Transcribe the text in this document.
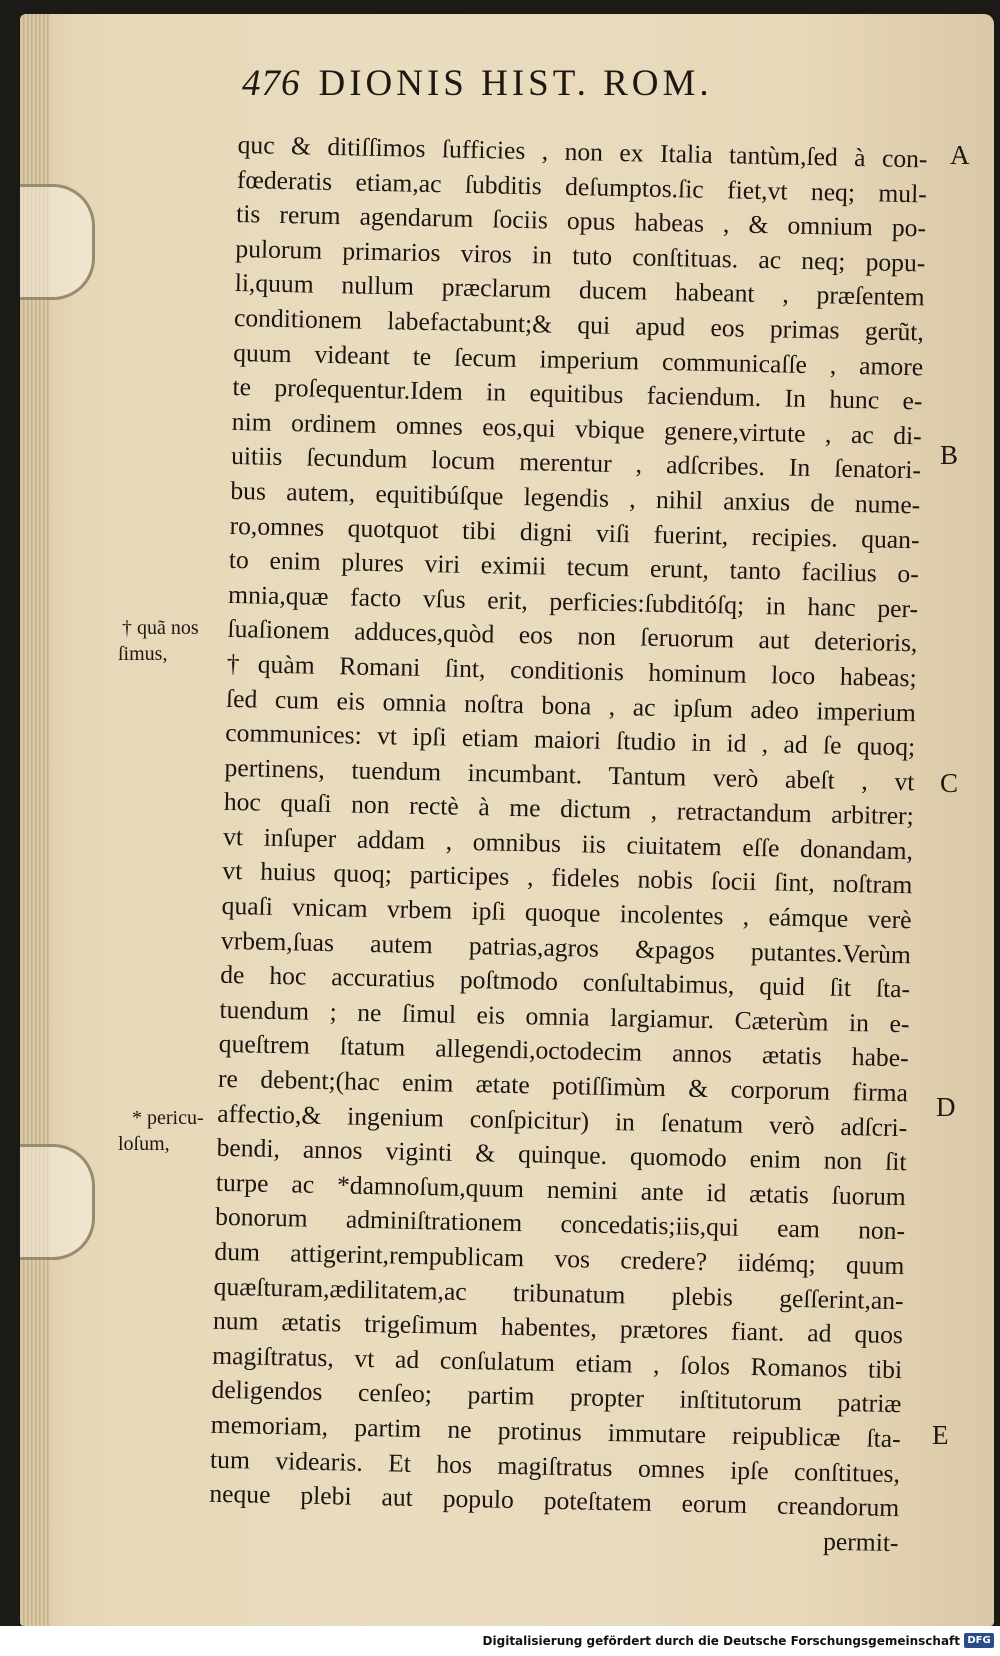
476 DIONIS HIST. ROM.
quc & ditiſſimos ſufficies , non ex Italia tantùm,ſed à con-
fœderatis etiam,ac ſubditis deſumptos.ſic fiet,vt neq; mul-
tis rerum agendarum ſociis opus habeas , & omnium po-
pulorum primarios viros in tuto conſtituas. ac neq; popu-
li,quum nullum præclarum ducem habeant , præſentem
conditionem labefactabunt;& qui apud eos primas gerũt,
quum videant te ſecum imperium communicaſſe , amore
te proſequentur.Idem in equitibus faciendum. In hunc e-
nim ordinem omnes eos,qui vbique genere,virtute , ac di-
uitiis ſecundum locum merentur , adſcribes. In ſenatori-
bus autem, equitibúſque legendis , nihil anxius de nume-
ro,omnes quotquot tibi digni viſi fuerint, recipies. quan-
to enim plures viri eximii tecum erunt, tanto facilius o-
mnia,quæ facto vſus erit, perficies:ſubditóſq; in hanc per-
ſuaſionem adduces,quòd eos non ſeruorum aut deterioris,
†quàm Romani ſint, conditionis hominum loco habeas;
ſed cum eis omnia noſtra bona , ac ipſum adeo imperium
communices: vt ipſi etiam maiori ſtudio in id , ad ſe quoq;
pertinens, tuendum incumbant. Tantum verò abeſt , vt
hoc quaſi non rectè à me dictum , retractandum arbitrer;
vt inſuper addam , omnibus iis ciuitatem eſſe donandam,
vt huius quoq; participes , fideles nobis ſocii ſint, noſtram
quaſi vnicam vrbem ipſi quoque incolentes , eámque verè
vrbem,ſuas autem patrias,agros &pagos putantes.Verùm
de hoc accuratius poſtmodo conſultabimus, quid ſit ſta-
tuendum ; ne ſimul eis omnia largiamur. Cæterùm in e-
queſtrem ſtatum allegendi,octodecim annos ætatis habe-
re debent;(hac enim ætate potiſſimùm & corporum firma
affectio,& ingenium conſpicitur) in ſenatum verò adſcri-
bendi, annos viginti & quinque. quomodo enim non ſit
turpe ac *damnoſum,quum nemini ante id ætatis ſuorum
bonorum adminiſtrationem concedatis;iis,qui eam non-
dum attigerint,rempublicam vos credere? iidémq; quum
quæſturam,ædilitatem,ac tribunatum plebis geſſerint,an-
num ætatis trigeſimum habentes, prætores fiant. ad quos
magiſtratus, vt ad conſulatum etiam , ſolos Romanos tibi
deligendos cenſeo; partim propter inſtitutorum patriæ
memoriam, partim ne protinus immutare reipublicæ ſta-
tum videaris. Et hos magiſtratus omnes ipſe conſtitues,
neque plebi aut populo poteſtatem eorum creandorum
permit-
A
B
C
D
E
† quã nos
ſimus,
* pericu-
loſum,
Digitalisierung gefördert durch die Deutsche Forschungsgemeinschaft DFG
